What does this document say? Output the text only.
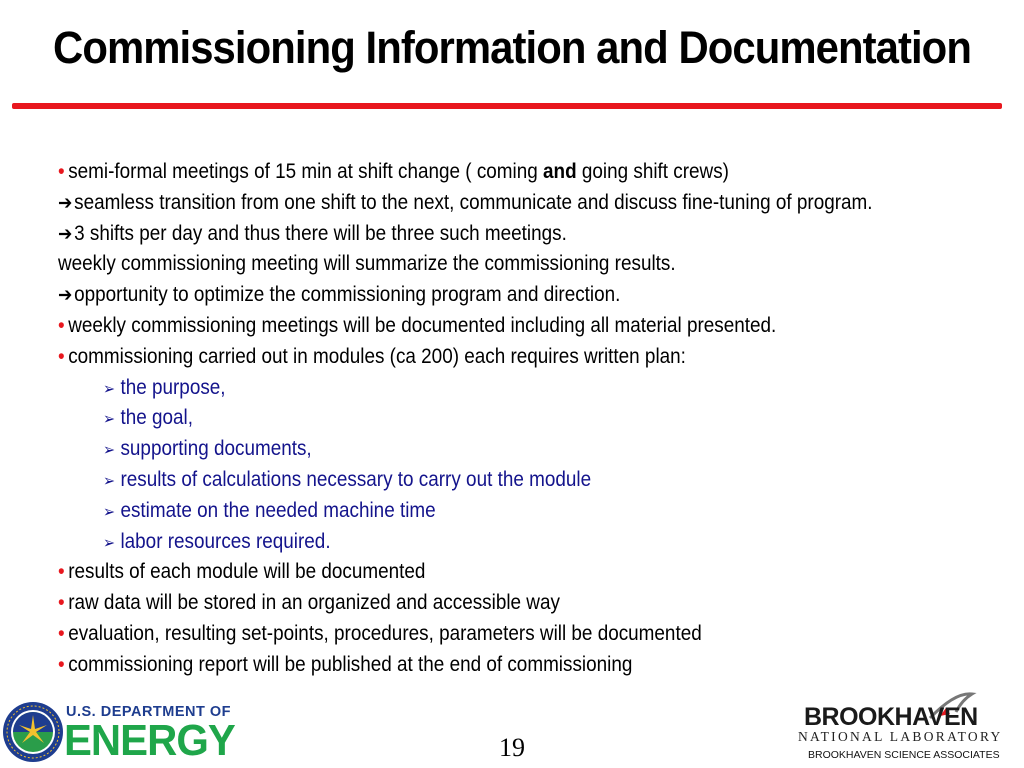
Commissioning Information and Documentation
• semi-formal meetings of 15 min at shift change ( coming and going shift crews)
➔seamless transition from one shift to the next, communicate and discuss fine-tuning of program.
➔3 shifts per day and thus there will be three such meetings.
weekly commissioning meeting will summarize the commissioning results.
➔opportunity to optimize the commissioning program and direction.
• weekly commissioning meetings will be documented including all material presented.
• commissioning carried out in modules (ca 200) each requires written plan:
➢ the purpose,
➢ the goal,
➢ supporting documents,
➢ results of calculations necessary to carry out the module
➢ estimate on the needed machine time
➢ labor resources required.
• results of each module will be documented
• raw data will be stored in an organized and accessible way
• evaluation, resulting set-points, procedures, parameters will be documented
• commissioning report will be published at the end of commissioning
U.S. DEPARTMENT OF
ENERGY	19
BROOKHAVEN
NATIONAL LABORATORY
BROOKHAVEN SCIENCE ASSOCIATES
